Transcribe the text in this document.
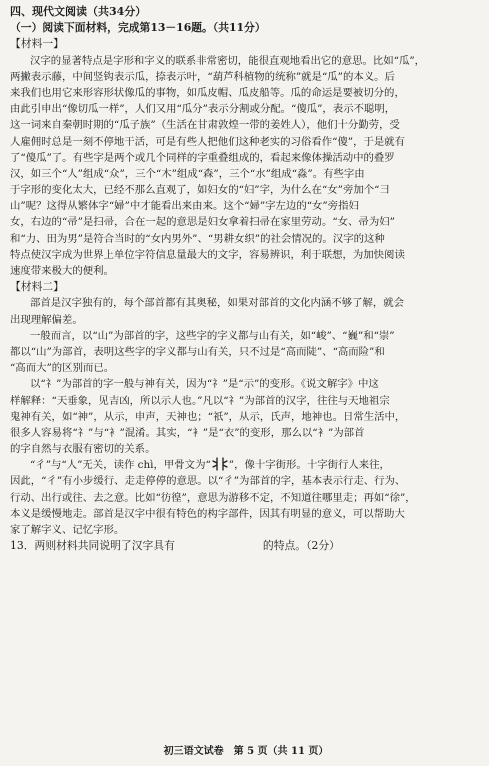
四、现代文阅读（共34分）
（一）阅读下面材料，完成第13－16题。（共11分）
【材料一】
汉字的显著特点是字形和字义的联系非常密切，能很直观地看出它的意思。比如“瓜”，
两撇表示藤，中间竖钩表示瓜，捺表示叶，“葫芦科植物的统称”就是“瓜”的本义。后
来我们也用它来形容形状像瓜的事物，如瓜皮帽、瓜皮船等。瓜的命运是要被切分的，
由此引申出“像切瓜一样”，人们又用“瓜分”表示分割或分配。“傻瓜”，表示不聪明，
这一词来自秦朝时期的“瓜子族”（生活在甘肃敦煌一带的姜姓人），他们十分勤劳，受
人雇佣时总是一刻不停地干活，可是有些人把他们这种老实的习俗看作“傻”，于是就有
了“傻瓜”了。有些字是两个或几个同样的字重叠组成的，看起来像体操活动中的叠罗
汉，如三个“人”组成“众”，三个“木”组成“森”，三个“水”组成“淼”。有些字由
于字形的变化太大，已经不那么直观了，如妇女的“妇”字，为什么在“女”旁加个“彐
山”呢？这得从繁体字“婦”中才能看出来由来。这个“婦”字左边的“女”旁指妇
女，右边的“帚”是扫帚，合在一起的意思是妇女拿着扫帚在家里劳动。“女、帚为妇”
和“力、田为男”是符合当时的“女内男外”、“男耕女织”的社会情况的。汉字的这种
特点使汉字成为世界上单位字符信息量最大的文字，容易辨识，利于联想，为加快阅读
速度带来极大的便利。
【材料二】
部首是汉字独有的，每个部首都有其奥秘，如果对部首的文化内涵不够了解，就会
出现理解偏差。
一般而言，以“山”为部首的字，这些字的字义都与山有关，如“峻”、“巍”和“崇”
都以“山”为部首，表明这些字的字义都与山有关，只不过是“高而陡”、“高而险”和
“高而大”的区别而已。
以“礻”为部首的字一般与神有关，因为“礻”是“示”的变形。《说文解字》中这
样解释：“天垂象，见吉凶，所以示人也。”凡以“礻”为部首的汉字，往往与天地祖宗
鬼神有关，如“神”，从示，申声，天神也；“祇”，从示，氏声，地神也。日常生活中，
很多人容易将“礻”与“衤”混淆。其实，“衤”是“衣”的变形，那么以“衤”为部首
的字自然与衣服有密切的关系。
“彳”与“人”无关，读作 chì，甲骨文为“ ”，像十字街形。十字街行人来往，
因此，“彳”有小步缓行、走走停停的意思。以“彳”为部首的字，基本表示行走、行为、
行动、出行或往、去之意。比如“彷徨”，意思为游移不定，不知道往哪里走；再如“徐”，
本义是缓慢地走。部首是汉字中很有特色的构字部件，因其有明显的意义，可以帮助大
家了解字义、记忆字形。
13．两则材料共同说明了汉字具有	的特点。（2分）
初三语文试卷　第 5 页（共 11 页）
